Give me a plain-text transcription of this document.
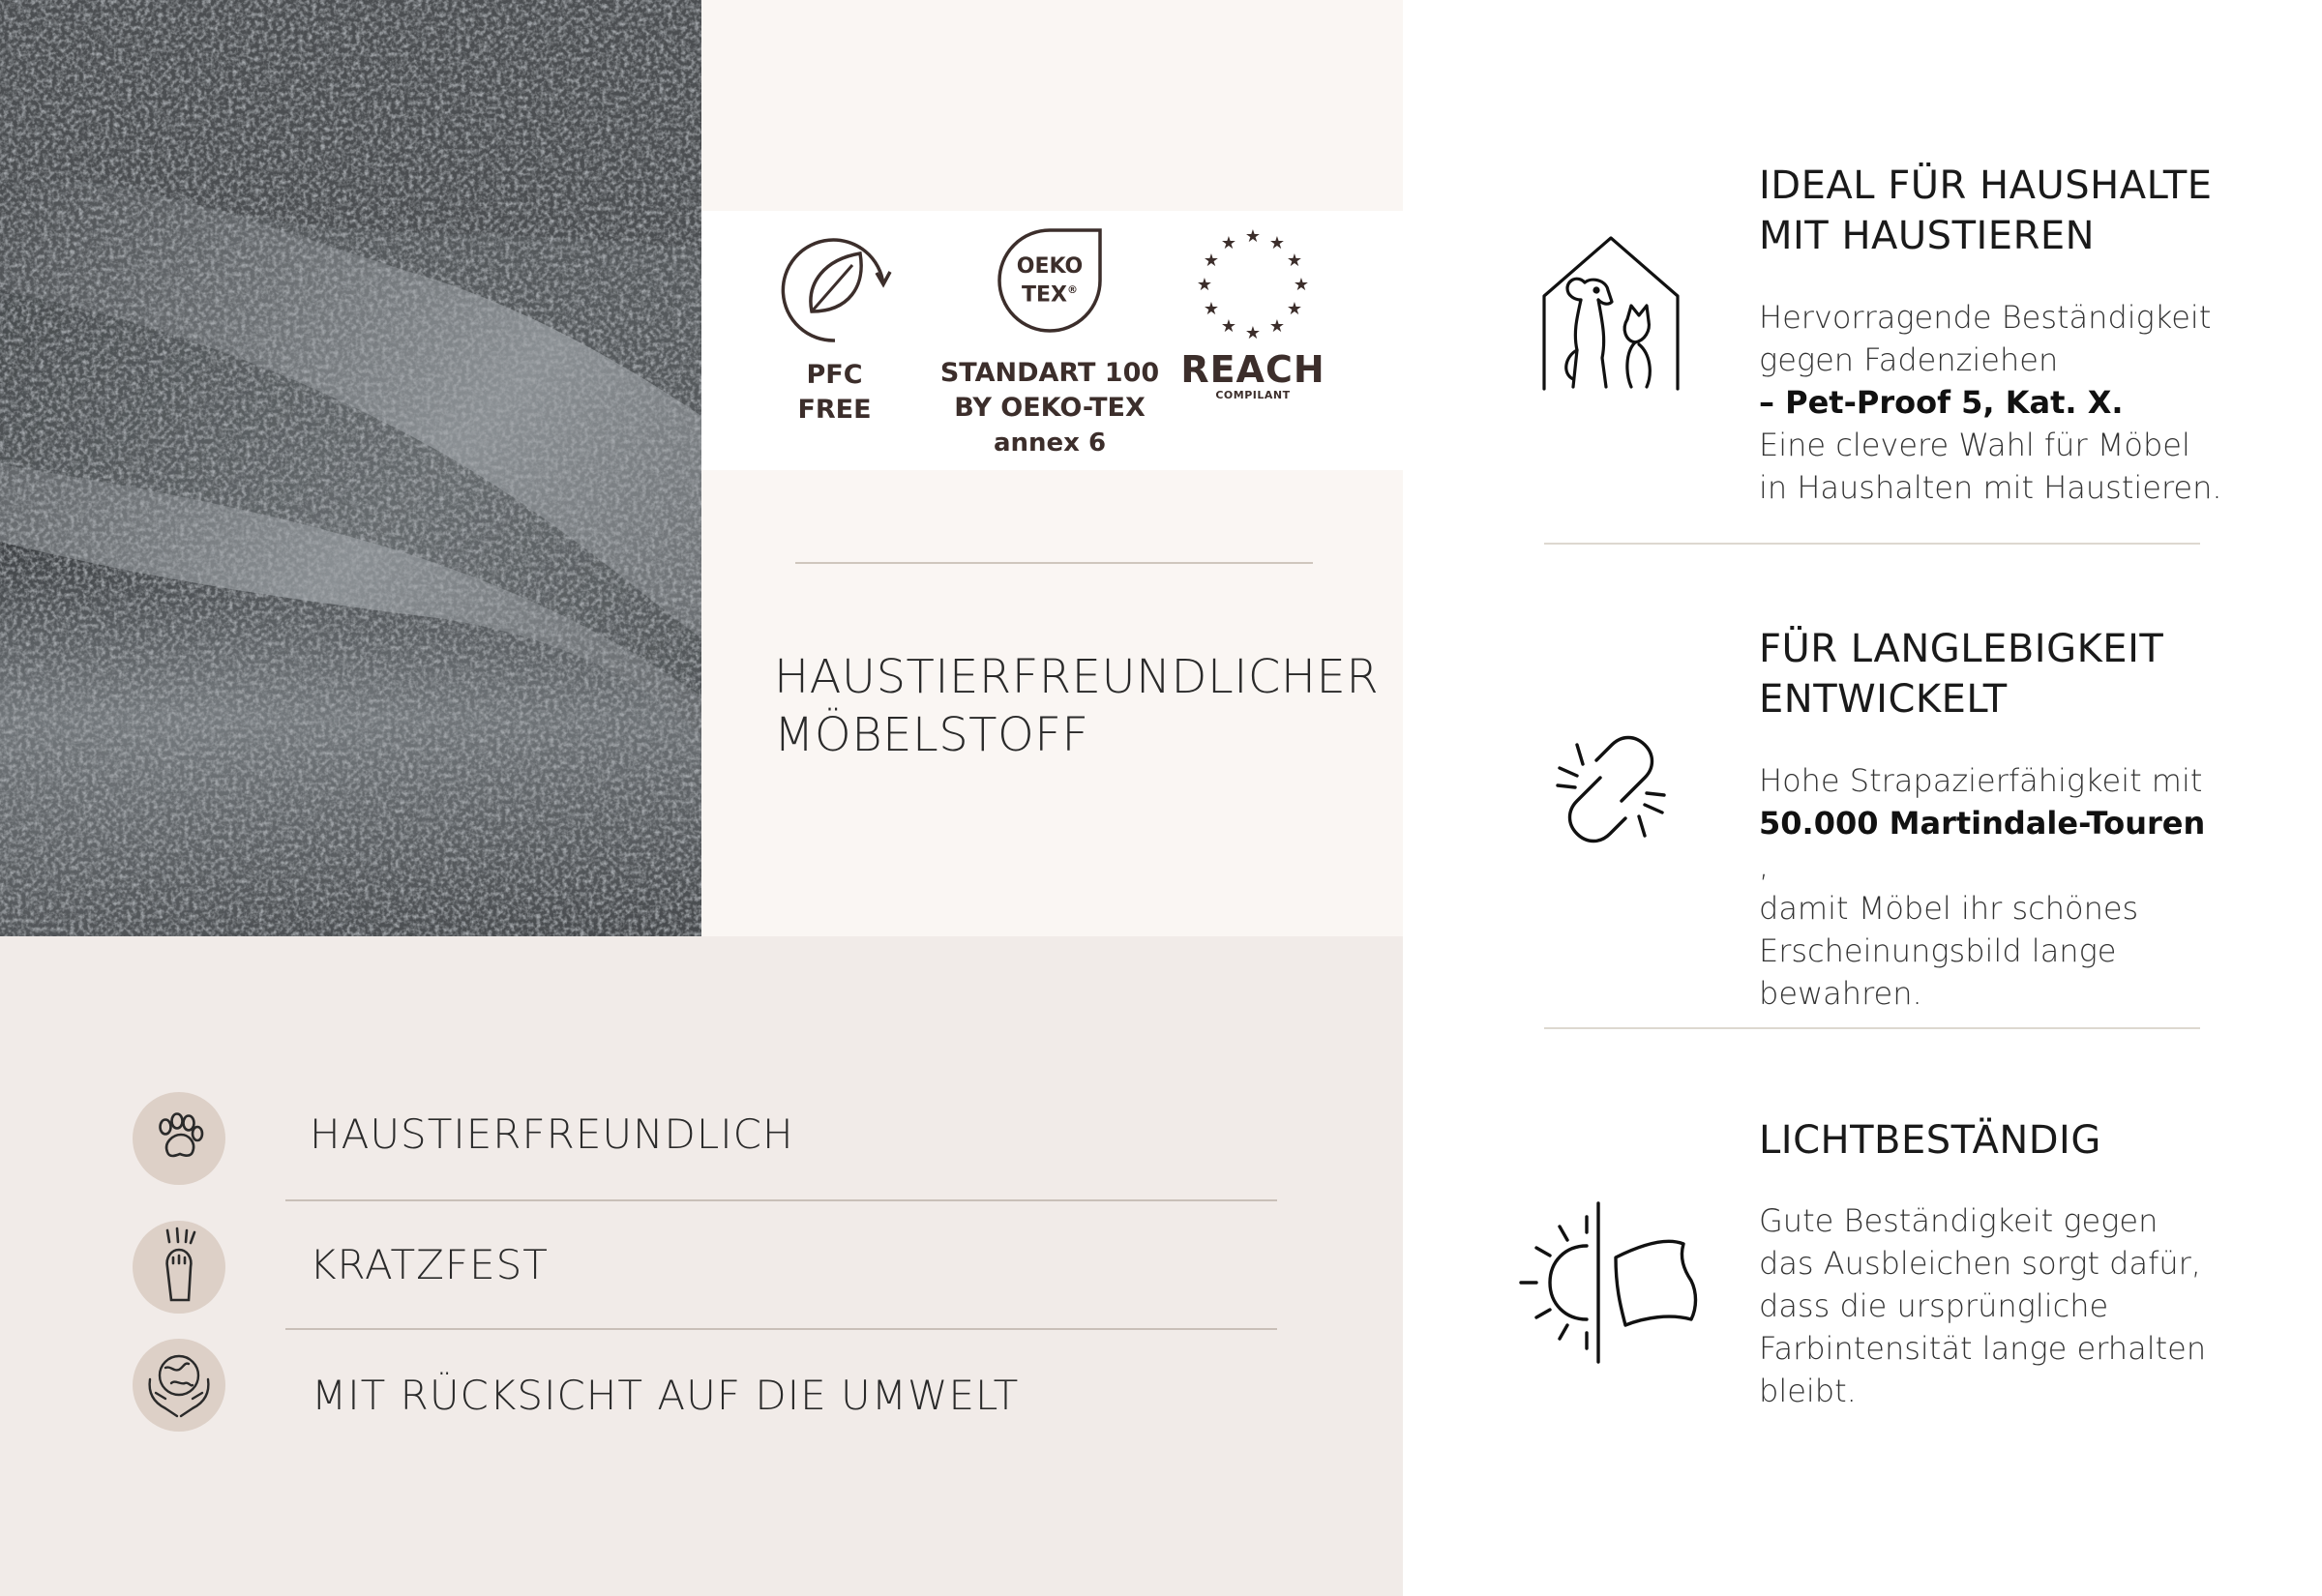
PFC
FREE
OEKO
TEX®
STANDART 100
BY OEKO-TEX
annex 6
★ ★
★
★
★
★
★
★
★
★
★
★
REACH
COMPILANT
HAUSTIERFREUNDLICHER
MÖBELSTOFF
HAUSTIERFREUNDLICH
KRATZFEST
MIT RÜCKSICHT AUF DIE UMWELT
IDEAL FÜR HAUSHALTE
MIT HAUSTIEREN
Hervorragende Beständigkeit
gegen Fadenziehen
– Pet-Proof 5, Kat. X.
Eine clevere Wahl für Möbel
in Haushalten mit Haustieren.
FÜR LANGLEBIGKEIT
ENTWICKELT
Hohe Strapazierfähigkeit mit
50.000 Martindale-Touren
,
damit Möbel ihr schönes
Erscheinungsbild lange
bewahren.
LICHTBESTÄNDIG
Gute Beständigkeit gegen
das Ausbleichen sorgt dafür,
dass die ursprüngliche
Farbintensität lange erhalten
bleibt.
